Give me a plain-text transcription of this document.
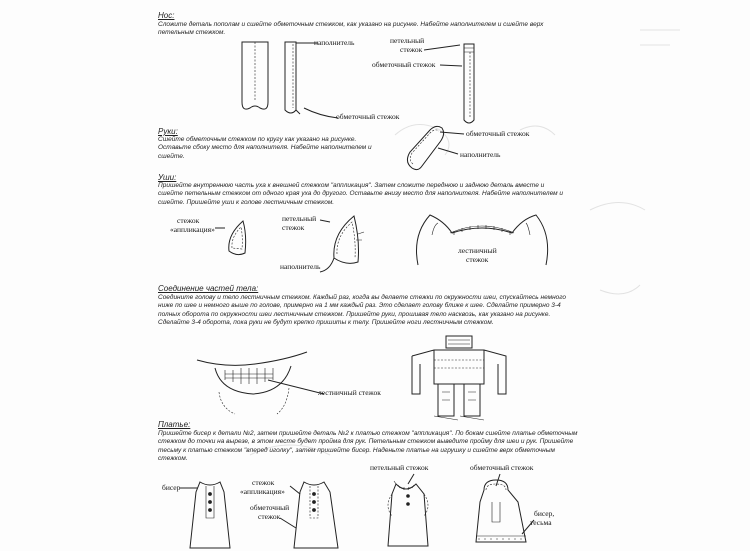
Нос:
Сложите деталь пополам и сшейте обметочным стежком, как указано на рисунке. Набейте наполнителем и сшейте верх петельным стежком.
наполнитель
обметочный стежок
петельный
стежок
обметочный стежок
Руки:
Сшейте обметочным стежком по кругу как указано на рисунке. Оставьте сбоку место для наполнителя. Набейте наполнителем и сшейте.
обметочный стежок
наполнитель
Уши:
Пришейте внутреннюю часть уха к внешней стежком "аппликация". Затем сложите переднюю и заднюю деталь вместе и сшейте петельным стежком от одного края уха до другого. Оставьте внизу место для наполнителя. Набейте наполнителем и сшейте. Пришейте уши к голове лестничным стежком.
стежок
«аппликация»
петельный
стежок
наполнитель
лестничный
стежок
Соединение частей тела:
Соедините голову и тело лестничным стежком. Каждый раз, когда вы делаете стежки по окружности шеи, спускайтесь немного ниже по шее и немного выше по голове, примерно на 1 мм каждый раз. Это сделает голову ближе к шее. Сделайте примерно 3-4 полных оборота по окружности шеи лестничным стежком. Пришейте руки, прошивая тело насквозь, как указано на рисунке. Сделайте 3-4 оборота, пока руки не будут крепко пришиты к телу. Пришейте ноги лестничным стежком.
лестничный стежок
Платье:
Пришейте бисер к детали №2, затем пришейте деталь №2 к платью стежком "аппликация". По бокам сшейте платье обметочным стежком до точки на вырезе, в этом месте будет пройма для рук. Петельным стежком выведите пройму для шеи и рук. Пришейте тесьму к платью стежком "вперед иголку", затем пришейте бисер. Наденьте платье на игрушку и сшейте верх обметочным стежком.
бисер
стежок
«аппликация»
обметочный
стежок
петельный стежок	обметочный стежок
бисер,
тесьма
